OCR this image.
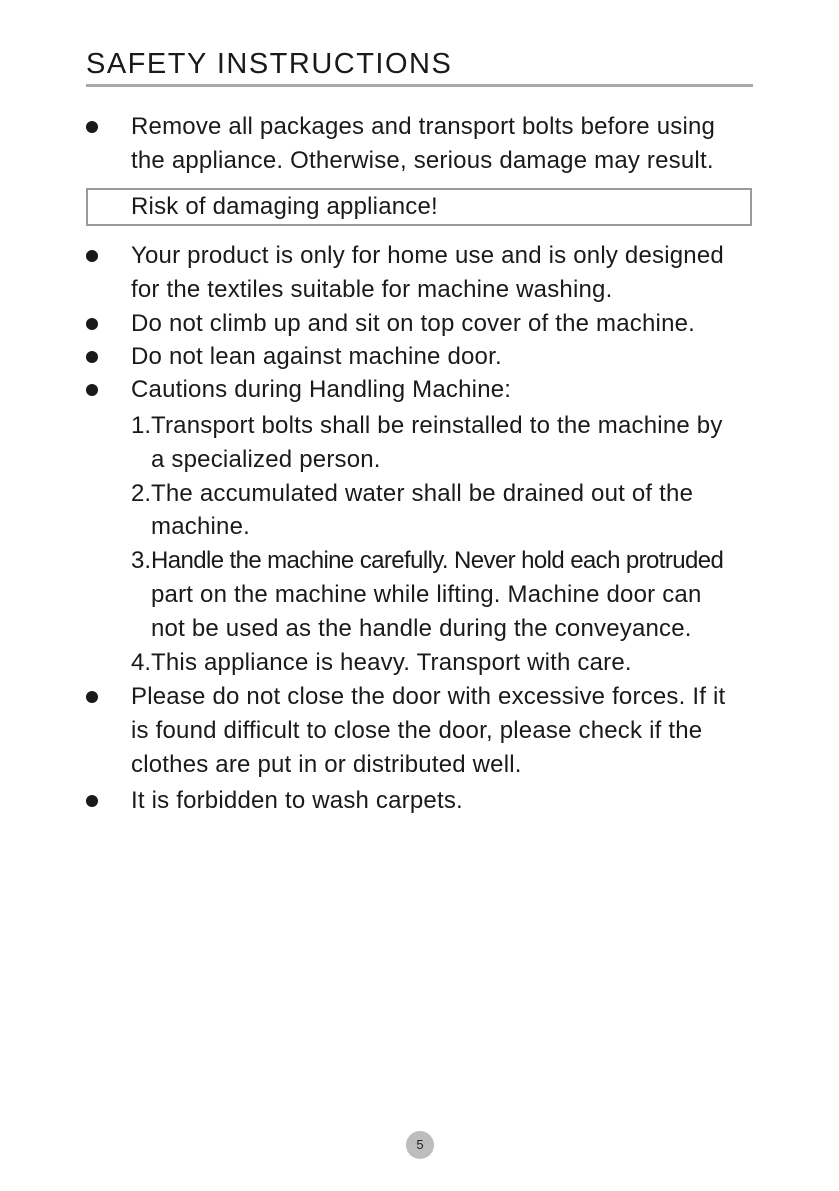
SAFETY INSTRUCTIONS
Remove all packages and transport bolts before using
the appliance. Otherwise, serious damage may result.
Risk of damaging appliance!
Your product is only for home use and is only designed
for the textiles suitable for machine washing.
Do not climb up and sit on top cover of the machine.
Do not lean against machine door.
Cautions during Handling Machine:
1. Transport bolts shall be reinstalled to the machine by
a specialized person.
2. The accumulated water shall be drained out of the
machine.
3. Handle the machine carefully. Never hold each protruded
part on the machine while lifting. Machine door can
not be used as the handle during the conveyance.
4. This appliance is heavy. Transport with care.
Please do not close the door with excessive forces. If it
is found difficult to close the door, please check if the
clothes are put in or distributed well.
It is forbidden to wash carpets.
5
